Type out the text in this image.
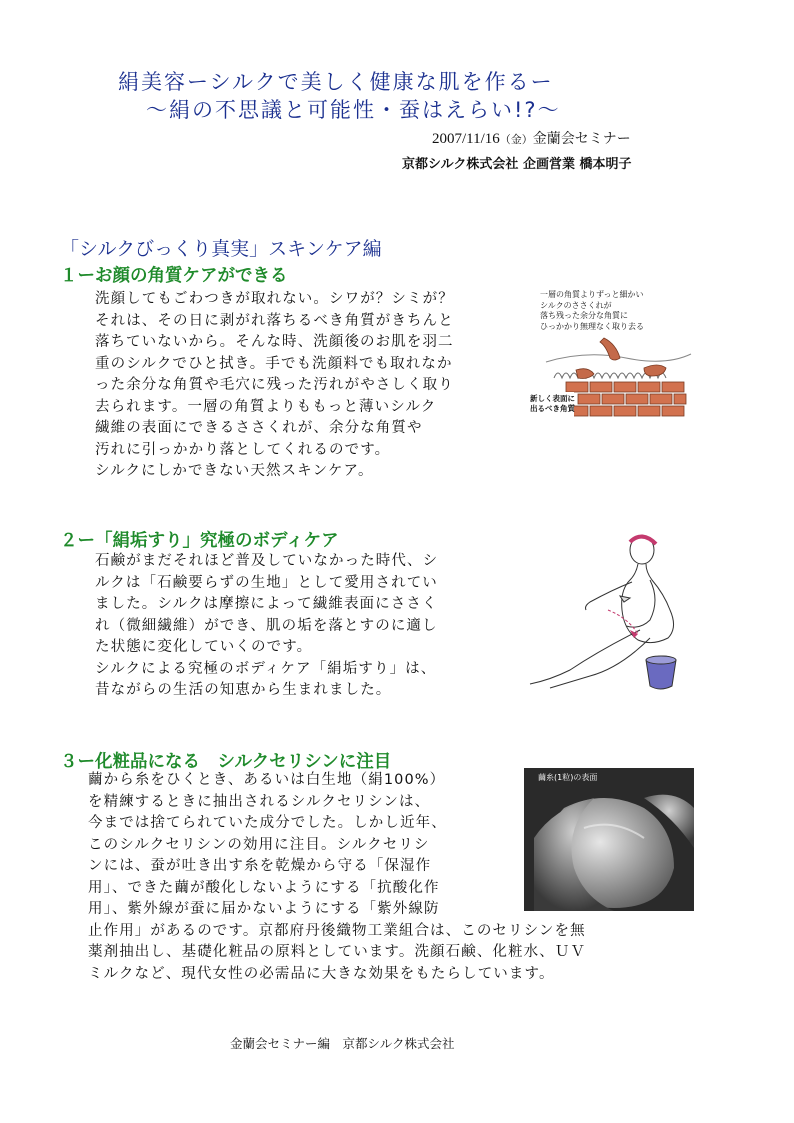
絹美容ーシルクで美しく健康な肌を作るー
～絹の不思議と可能性・蚕はえらい!?～
2007/11/16（金）金蘭会セミナー
京都シルク株式会社 企画営業 橋本明子
「シルクびっくり真実」スキンケア編
１ーお顔の角質ケアができる
洗顔してもごわつきが取れない。シワが？シミが？
それは、その日に剥がれ落ちるべき角質がきちんと
落ちていないから。そんな時、洗顔後のお肌を羽二
重のシルクでひと拭き。手でも洗顔料でも取れなか
った余分な角質や毛穴に残った汚れがやさしく取り
去られます。一層の角質よりももっと薄いシルク
繊維の表面にできるささくれが、余分な角質や
汚れに引っかかり落としてくれるのです。
シルクにしかできない天然スキンケア。
一層の角質よりずっと細かい
シルクのささくれが
落ち残った余分な角質に
ひっかかり無理なく取り去る
新しく表面に
出るべき角質
２ー「絹垢すり」究極のボディケア
石鹸がまだそれほど普及していなかった時代、シ
ルクは「石鹸要らずの生地」として愛用されてい
ました。シルクは摩擦によって繊維表面にささく
れ（微細繊維）ができ、肌の垢を落とすのに適し
た状態に変化していくのです。
シルクによる究極のボディケア「絹垢すり」は、
昔ながらの生活の知恵から生まれました。
３ー化粧品になる　シルクセリシンに注目
繭から糸をひくとき、あるいは白生地（絹100%）
を精練するときに抽出されるシルクセリシンは、
今までは捨てられていた成分でした。しかし近年、
このシルクセリシンの効用に注目。シルクセリシ
ンには、蚕が吐き出す糸を乾燥から守る「保湿作
用」、できた繭が酸化しないようにする「抗酸化作
用」、紫外線が蚕に届かないようにする「紫外線防
止作用」があるのです。京都府丹後織物工業組合は、このセリシンを無
薬剤抽出し、基礎化粧品の原料としています。洗顔石鹸、化粧水、ＵＶ
ミルクなど、現代女性の必需品に大きな効果をもたらしています。
繭糸(1粒)の表面
金蘭会セミナー編　京都シルク株式会社
